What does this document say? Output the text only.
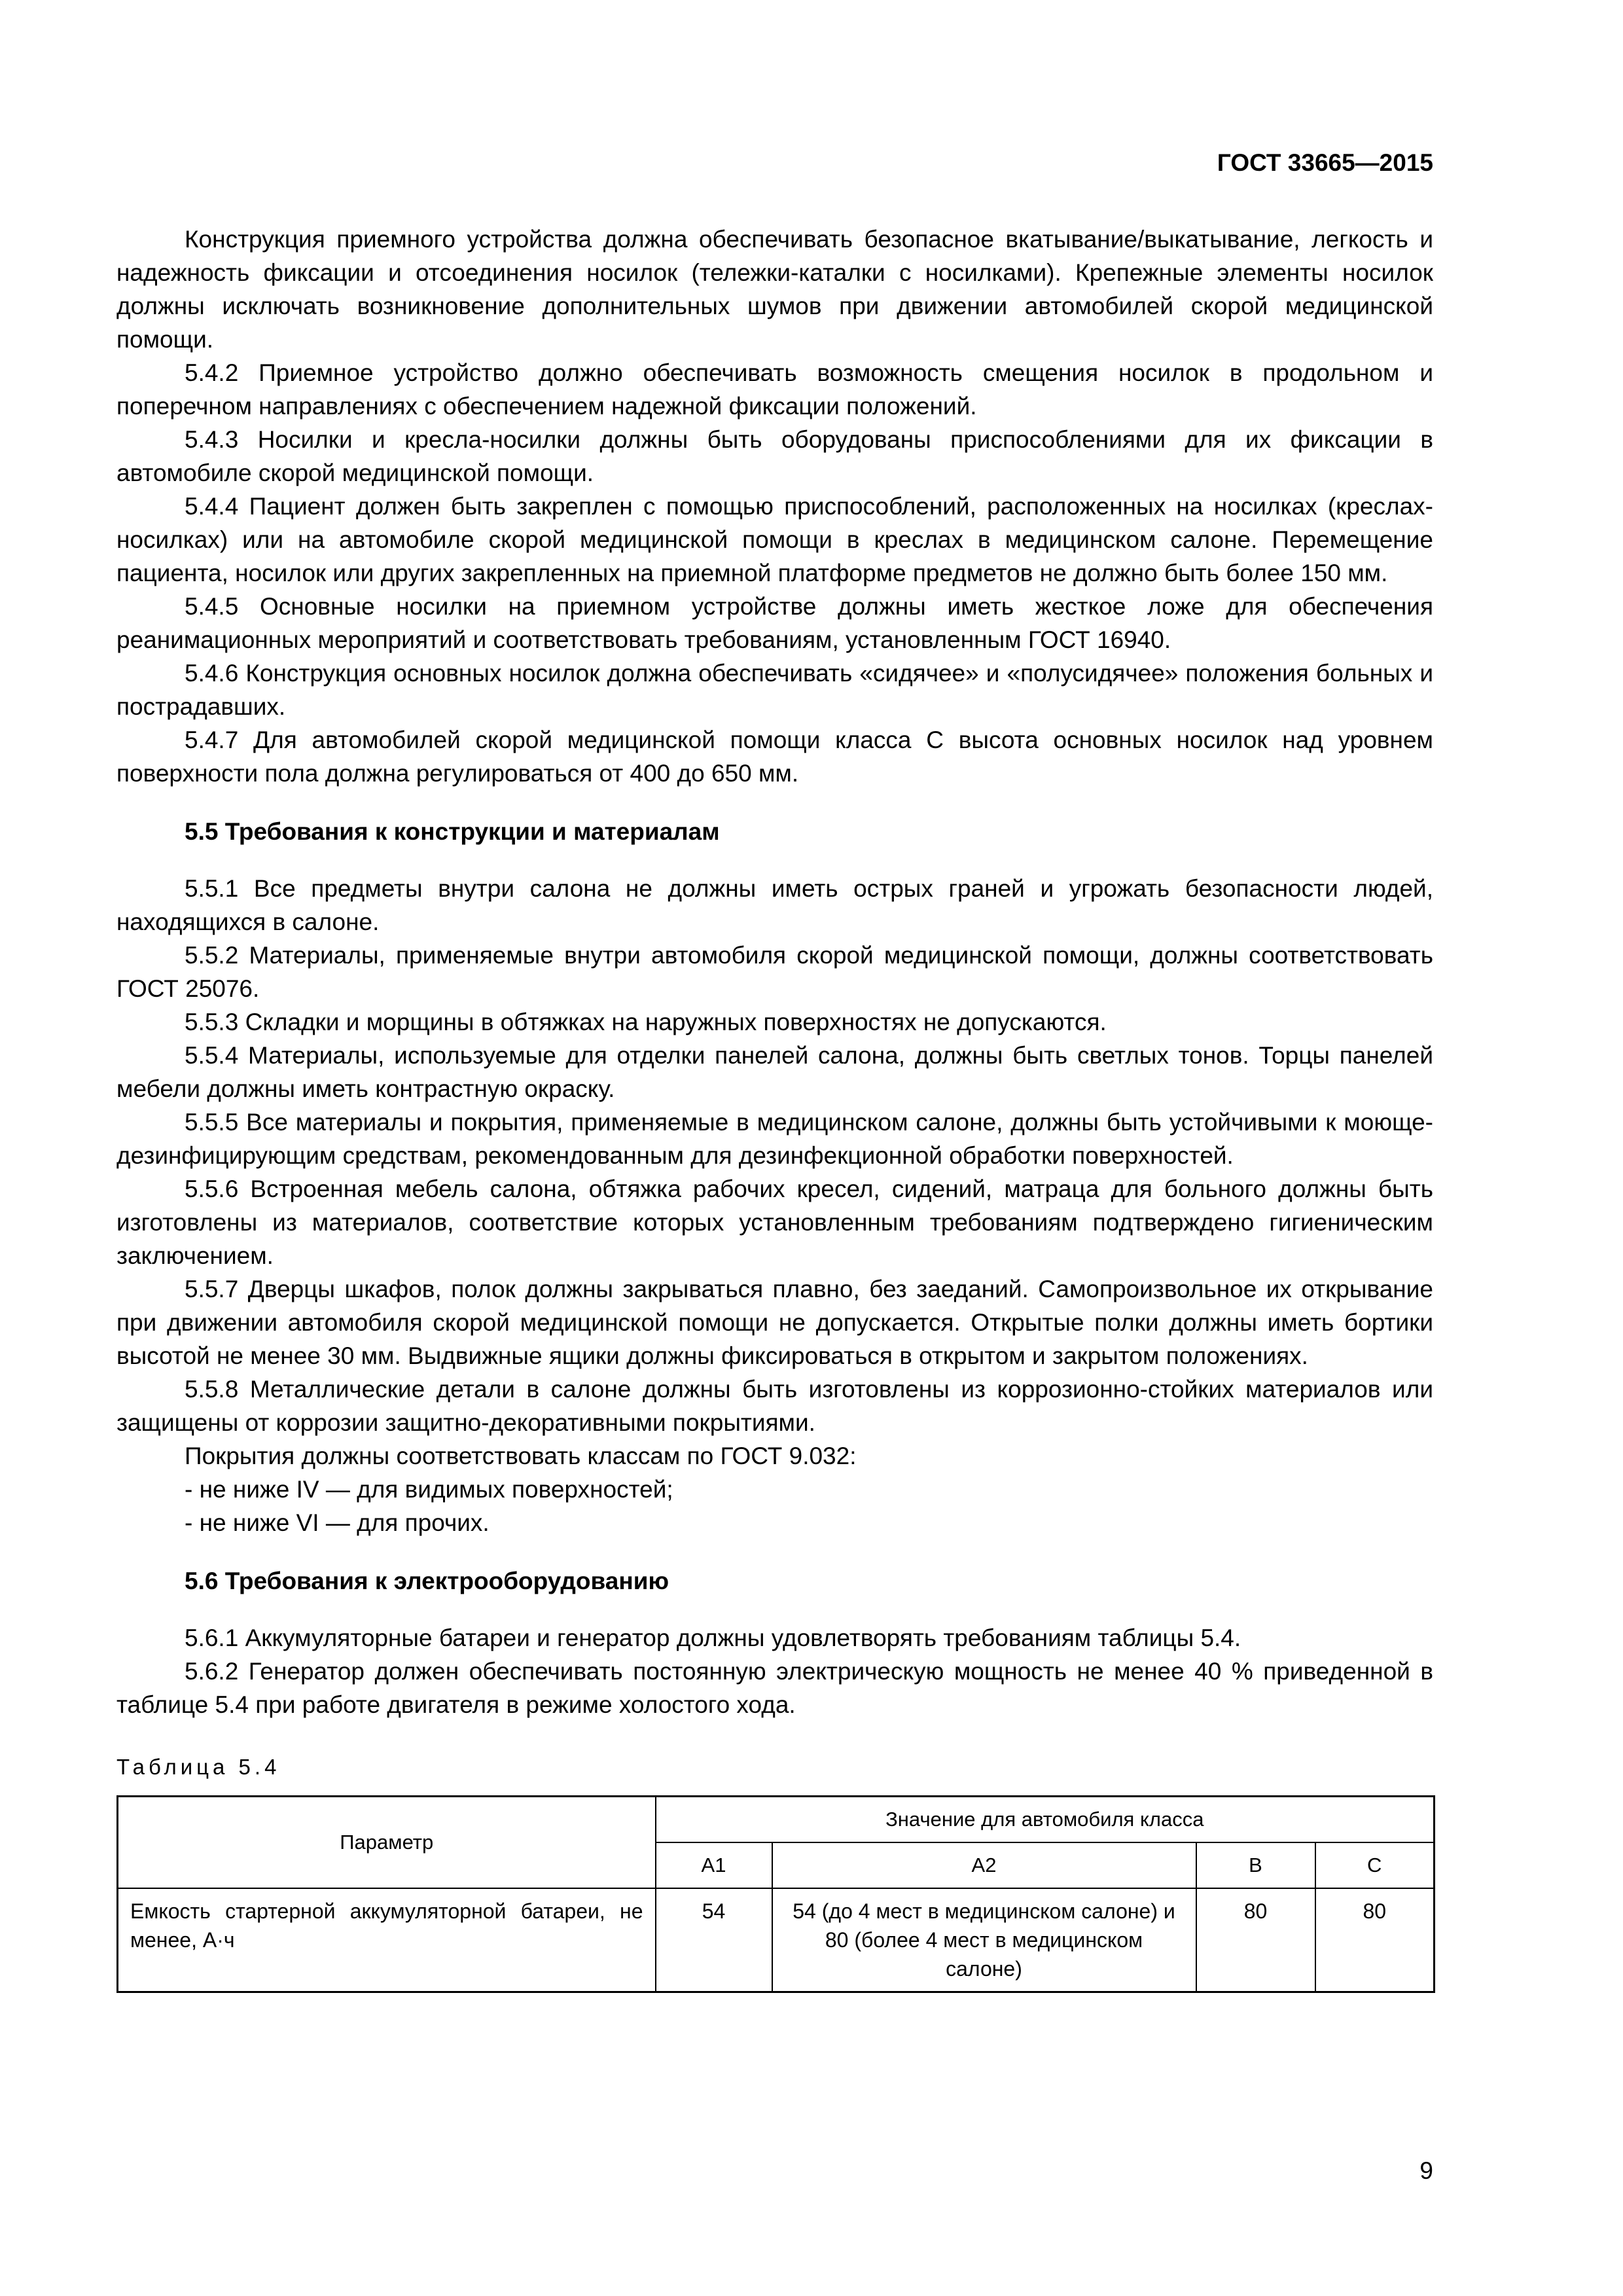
ГОСТ 33665—2015

Конструкция приемного устройства должна обеспечивать безопасное вкатывание/выкатывание, легкость и надежность фиксации и отсоединения носилок (тележки-каталки с носилками). Крепежные элементы носилок должны исключать возникновение дополнительных шумов при движении автомобилей скорой медицинской помощи.

5.4.2 Приемное устройство должно обеспечивать возможность смещения носилок в продольном и поперечном направлениях с обеспечением надежной фиксации положений.

5.4.3 Носилки и кресла-носилки должны быть оборудованы приспособлениями для их фиксации в автомобиле скорой медицинской помощи.

5.4.4 Пациент должен быть закреплен с помощью приспособлений, расположенных на носилках (креслах-носилках) или на автомобиле скорой медицинской помощи в креслах в медицинском салоне. Перемещение пациента, носилок или других закрепленных на приемной платформе предметов не должно быть более 150 мм.

5.4.5 Основные носилки на приемном устройстве должны иметь жесткое ложе для обеспечения реанимационных мероприятий и соответствовать требованиям, установленным ГОСТ 16940.

5.4.6 Конструкция основных носилок должна обеспечивать «сидячее» и «полусидячее» положения больных и пострадавших.

5.4.7 Для автомобилей скорой медицинской помощи класса С высота основных носилок над уровнем поверхности пола должна регулироваться от 400 до 650 мм.

5.5 Требования к конструкции и материалам

5.5.1 Все предметы внутри салона не должны иметь острых граней и угрожать безопасности людей, находящихся в салоне.

5.5.2 Материалы, применяемые внутри автомобиля скорой медицинской помощи, должны соответствовать ГОСТ 25076.

5.5.3 Складки и морщины в обтяжках на наружных поверхностях не допускаются.

5.5.4 Материалы, используемые для отделки панелей салона, должны быть светлых тонов. Торцы панелей мебели должны иметь контрастную окраску.

5.5.5 Все материалы и покрытия, применяемые в медицинском салоне, должны быть устойчивыми к моюще-дезинфицирующим средствам, рекомендованным для дезинфекционной обработки поверхностей.

5.5.6 Встроенная мебель салона, обтяжка рабочих кресел, сидений, матраца для больного должны быть изготовлены из материалов, соответствие которых установленным требованиям подтверждено гигиеническим заключением.

5.5.7 Дверцы шкафов, полок должны закрываться плавно, без заеданий. Самопроизвольное их открывание при движении автомобиля скорой медицинской помощи не допускается. Открытые полки должны иметь бортики высотой не менее 30 мм. Выдвижные ящики должны фиксироваться в открытом и закрытом положениях.

5.5.8 Металлические детали в салоне должны быть изготовлены из коррозионно-стойких материалов или защищены от коррозии защитно-декоративными покрытиями.

Покрытия должны соответствовать классам по ГОСТ 9.032:

- не ниже IV — для видимых поверхностей;

- не ниже VI — для прочих.

5.6 Требования к электрооборудованию

5.6.1 Аккумуляторные батареи и генератор должны удовлетворять требованиям таблицы 5.4.

5.6.2 Генератор должен обеспечивать постоянную электрическую мощность не менее 40 % приведенной в таблице 5.4 при работе двигателя в режиме холостого хода.

Таблица 5.4
Параметр	Значение для автомобиля класса			
	А1	А2	В	С
Емкость стартерной аккумуляторной батареи, не менее, А·ч	54	54 (до 4 мест в медицинском салоне) и 80 (более 4 мест в медицинском салоне)	80	80
9
